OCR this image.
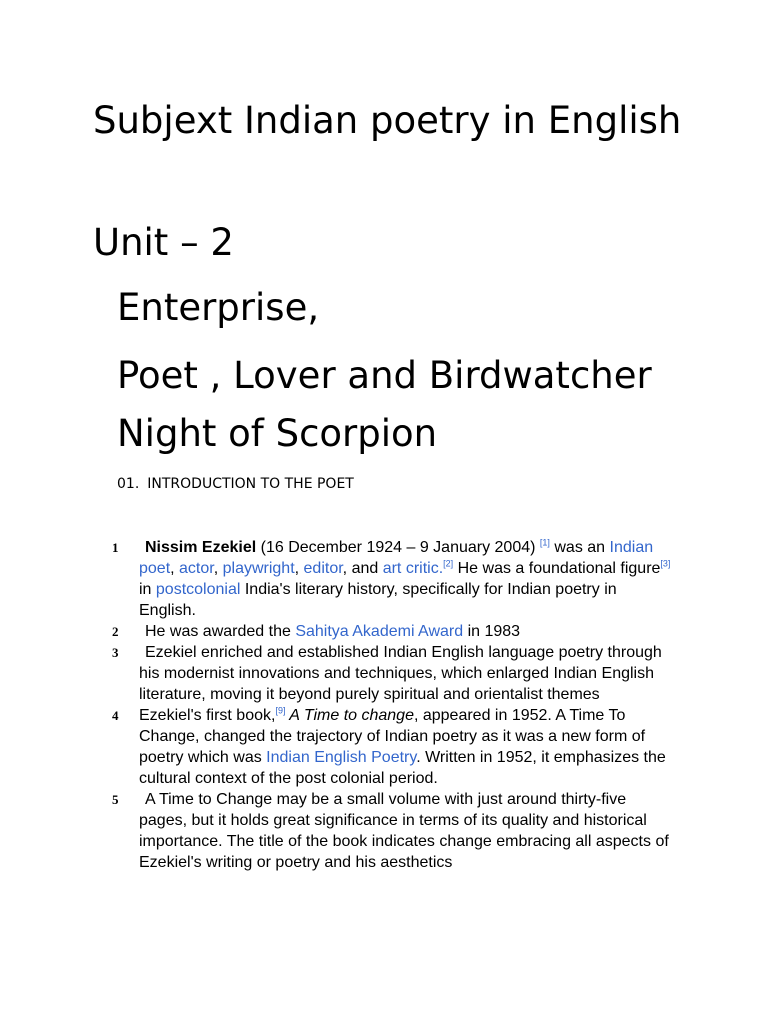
Subjext Indian poetry in English
Unit – 2
Enterprise,
Poet , Lover and Birdwatcher
Night of Scorpion
01. INTRODUCTION TO THE POET
1 Nissim Ezekiel (16 December 1924 – 9 January 2004) [1] was an Indian poet, actor, playwright, editor, and art critic.[2] He was a foundational figure[3] in postcolonial India's literary history, specifically for Indian poetry in English.
2 He was awarded the Sahitya Akademi Award in 1983
3 Ezekiel enriched and established Indian English language poetry through his modernist innovations and techniques, which enlarged Indian English literature, moving it beyond purely spiritual and orientalist themes
4 Ezekiel's first book,[9] A Time to change, appeared in 1952. A Time To Change, changed the trajectory of Indian poetry as it was a new form of poetry which was Indian English Poetry. Written in 1952, it emphasizes the cultural context of the post colonial period.
5 A Time to Change may be a small volume with just around thirty-five pages, but it holds great significance in terms of its quality and historical importance. The title of the book indicates change embracing all aspects of Ezekiel's writing or poetry and his aesthetics
